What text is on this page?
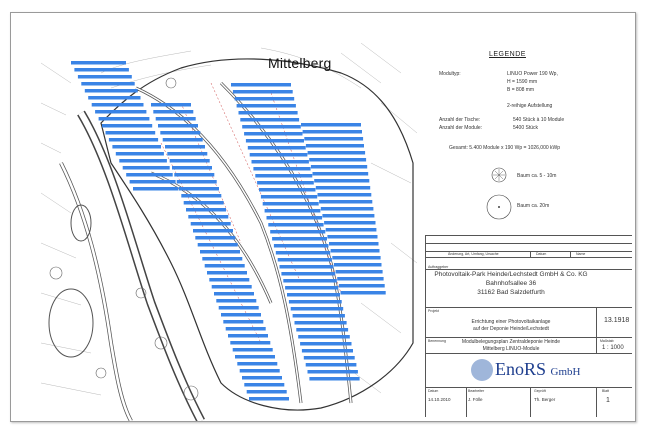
Mittelberg
LEGENDE
Modultyp:	LINUO Power 190 Wp,
H = 1590 mm
B = 808 mm
2-reihige Aufstellung
Anzahl der Tische:	540 Stück à 10 Module
Anzahl der Module:	5400 Stück
Gesamt: 5.400 Module x 190 Wp = 1026,000 kWp
Baum ca. 5 - 10m
Baum ca. 20m
Änderung, Art, Umfang, Ursache	Datum	Name
Auftraggeber
Photovoltaik-Park Heinde/Lechstedt GmbH & Co. KG
Bahnhofsallee 36
31162 Bad Salzdetfurth
Projekt
Errichtung einer Photovoltaikanlage
auf der Deponie Heinde/Lechstedt
13.1918
Benennung	Modulbelegungsplan Zentraldeponie Heinde
Mittelberg LINUO-Module
Maßstab
1 : 1000
Datum
14.10.2010
Bearbeiter
J. Fölle
Geprüft
Th. Berger
Blatt
1
EnoRS GmbH
